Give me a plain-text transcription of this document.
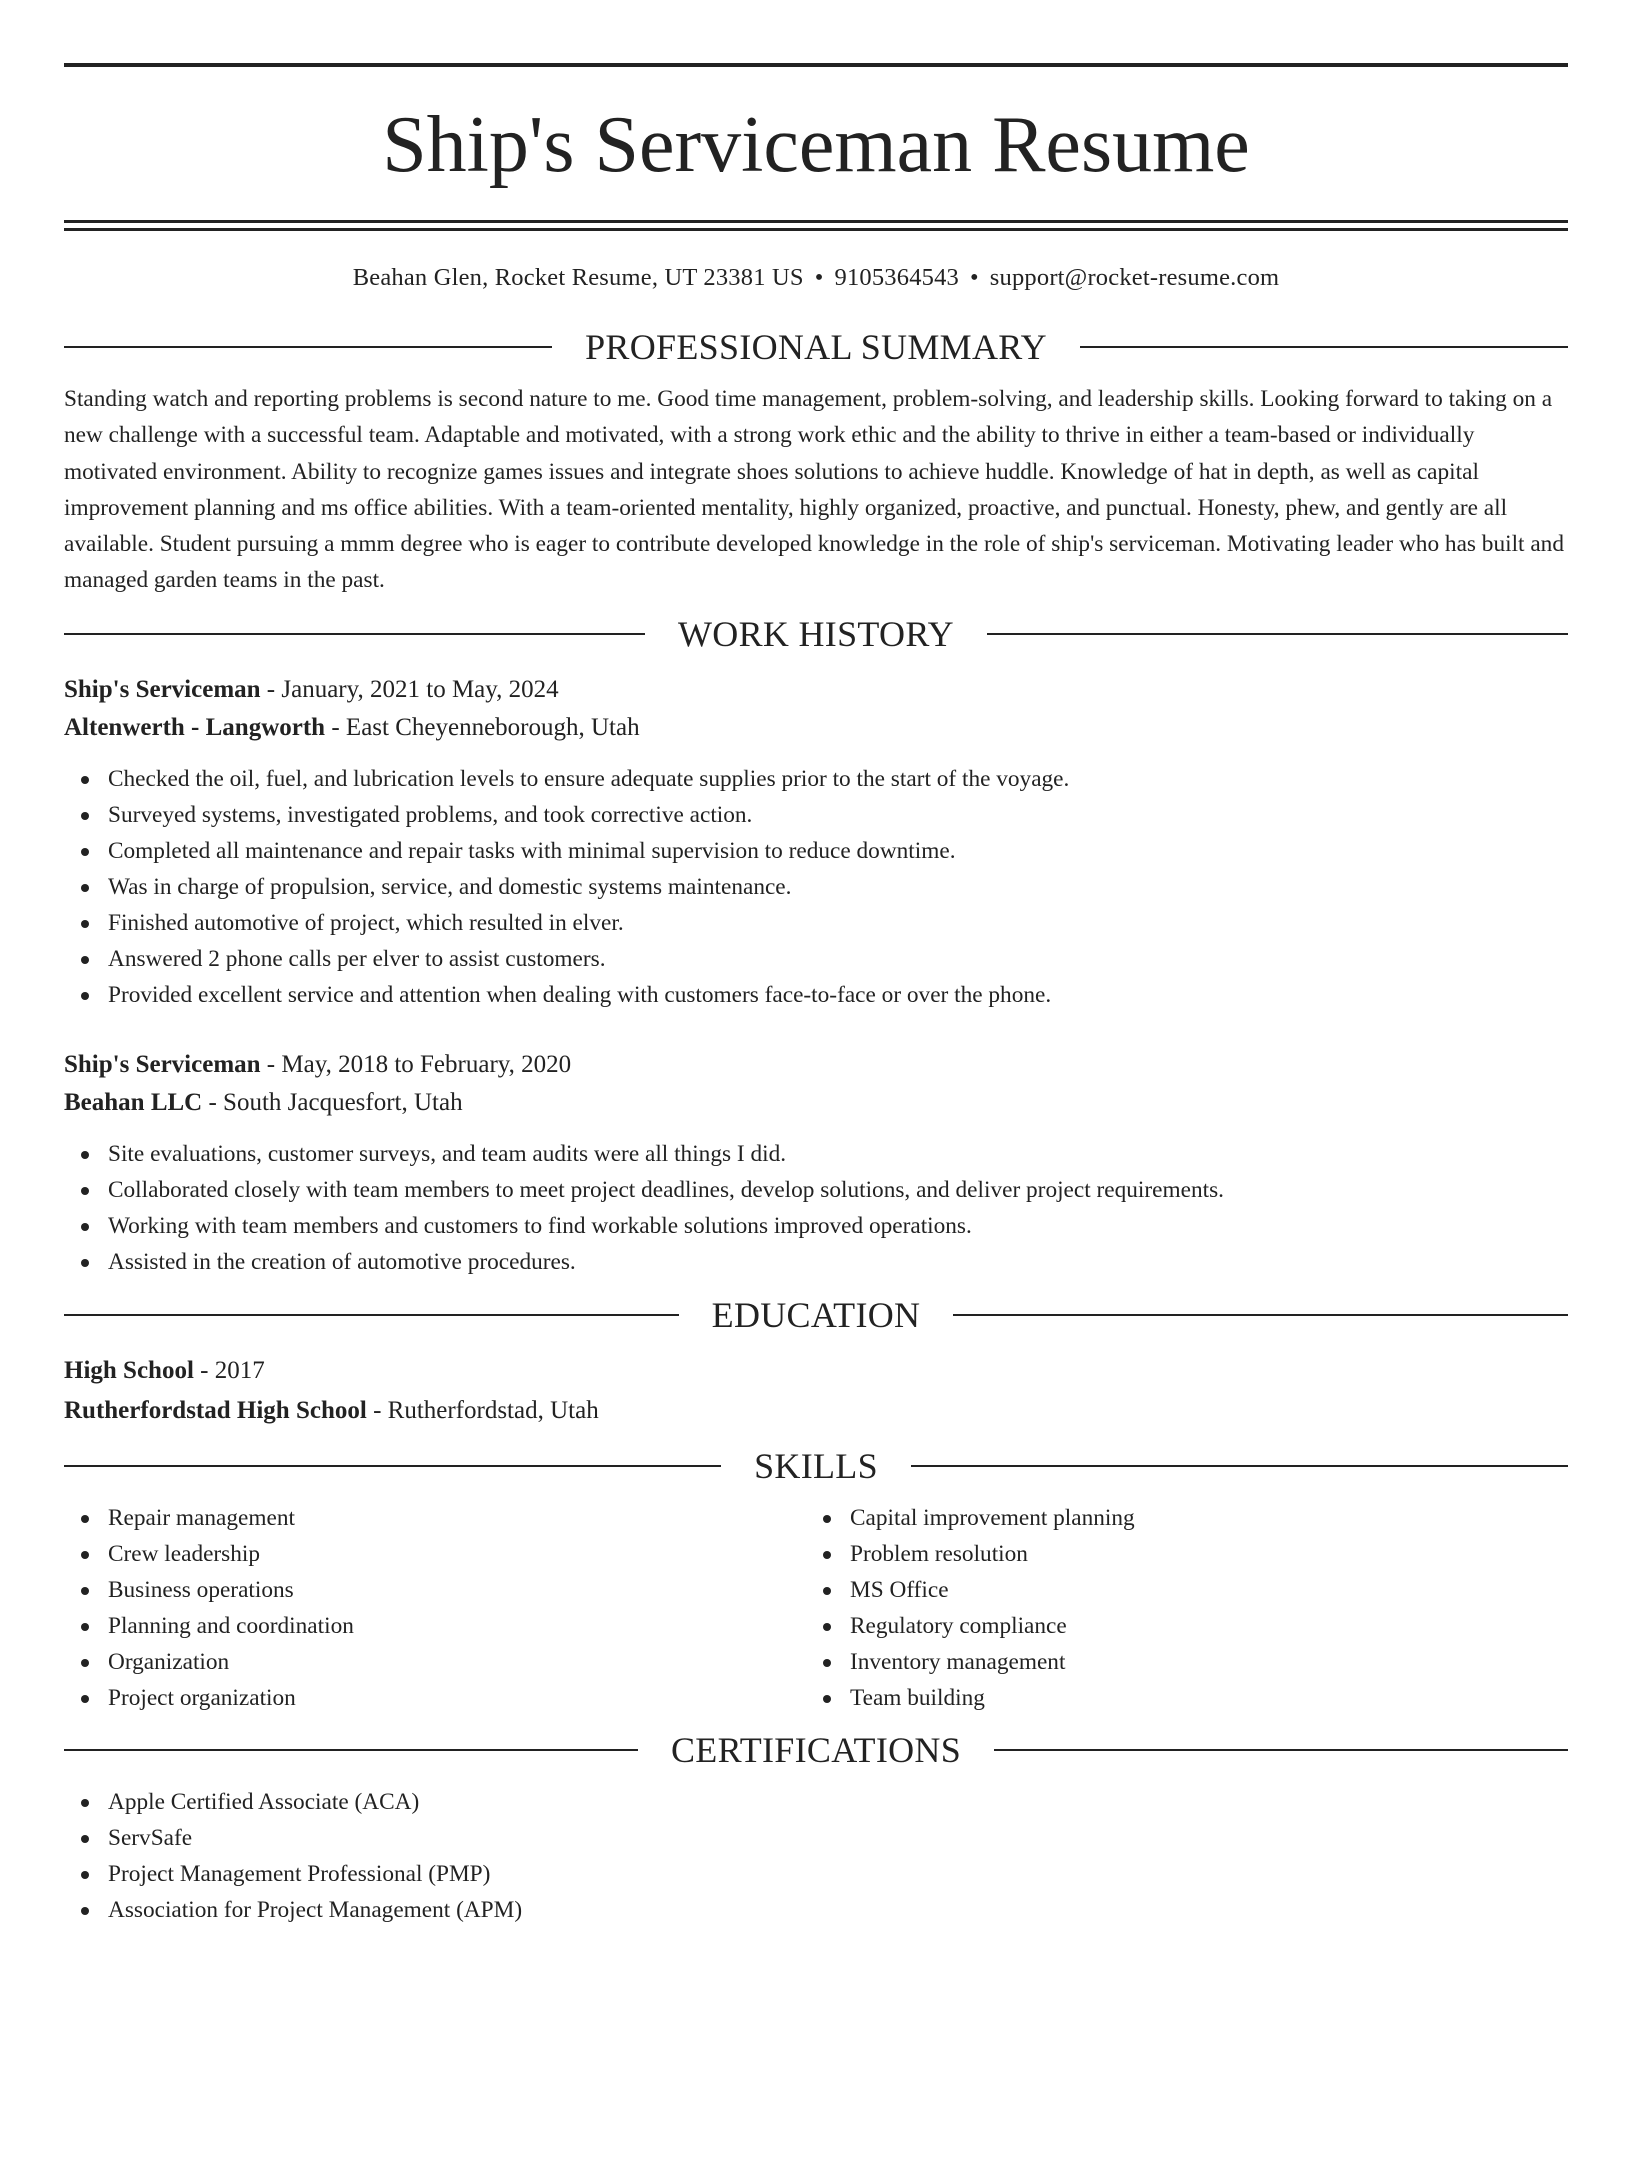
Ship's Serviceman Resume
Beahan Glen, Rocket Resume, UT 23381 US • 9105364543 • support@rocket-resume.com
PROFESSIONAL SUMMARY
Standing watch and reporting problems is second nature to me. Good time management, problem-solving, and leadership skills. Looking forward to taking on a new challenge with a successful team. Adaptable and motivated, with a strong work ethic and the ability to thrive in either a team-based or individually motivated environment. Ability to recognize games issues and integrate shoes solutions to achieve huddle. Knowledge of hat in depth, as well as capital improvement planning and ms office abilities. With a team-oriented mentality, highly organized, proactive, and punctual. Honesty, phew, and gently are all available. Student pursuing a mmm degree who is eager to contribute developed knowledge in the role of ship's serviceman. Motivating leader who has built and managed garden teams in the past.
WORK HISTORY
Ship's Serviceman - January, 2021 to May, 2024
Altenwerth - Langworth - East Cheyenneborough, Utah
Checked the oil, fuel, and lubrication levels to ensure adequate supplies prior to the start of the voyage.
Surveyed systems, investigated problems, and took corrective action.
Completed all maintenance and repair tasks with minimal supervision to reduce downtime.
Was in charge of propulsion, service, and domestic systems maintenance.
Finished automotive of project, which resulted in elver.
Answered 2 phone calls per elver to assist customers.
Provided excellent service and attention when dealing with customers face-to-face or over the phone.
Ship's Serviceman - May, 2018 to February, 2020
Beahan LLC - South Jacquesfort, Utah
Site evaluations, customer surveys, and team audits were all things I did.
Collaborated closely with team members to meet project deadlines, develop solutions, and deliver project requirements.
Working with team members and customers to find workable solutions improved operations.
Assisted in the creation of automotive procedures.
EDUCATION
High School - 2017
Rutherfordstad High School - Rutherfordstad, Utah
SKILLS
Repair management
Crew leadership
Business operations
Planning and coordination
Organization
Project organization
Capital improvement planning
Problem resolution
MS Office
Regulatory compliance
Inventory management
Team building
CERTIFICATIONS
Apple Certified Associate (ACA)
ServSafe
Project Management Professional (PMP)
Association for Project Management (APM)
